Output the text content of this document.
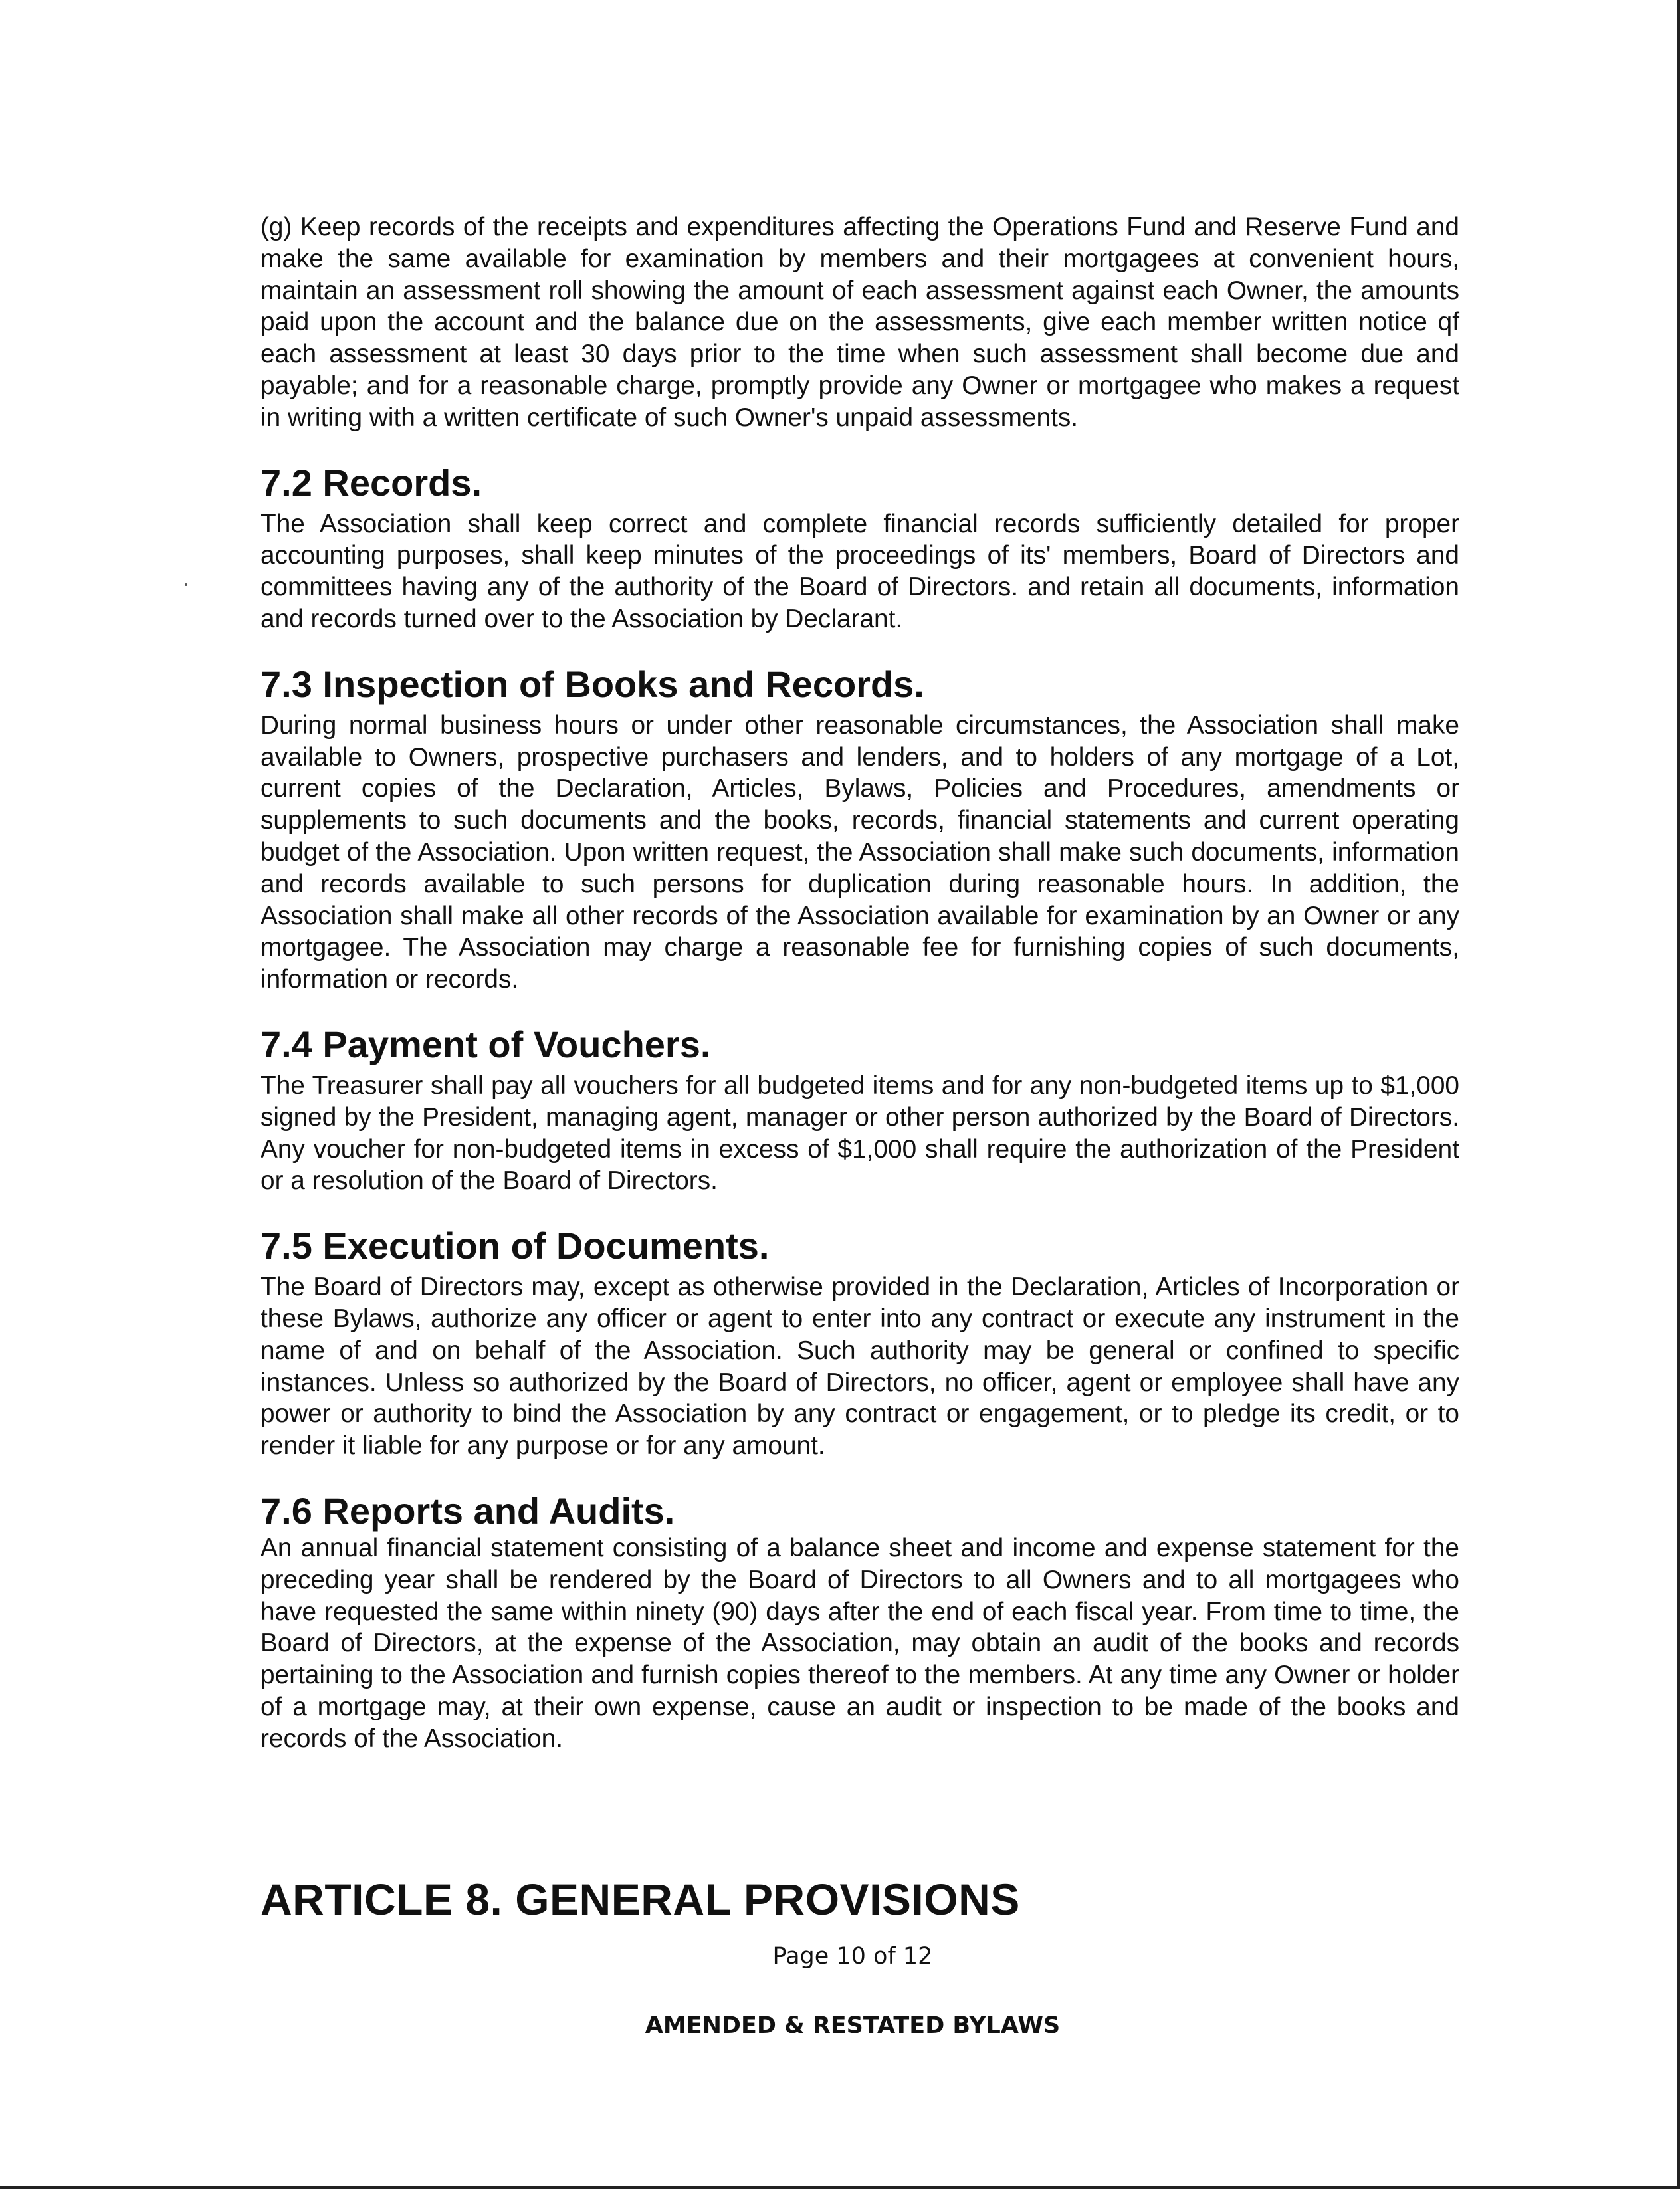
(g) Keep records of the receipts and expenditures affecting the Operations Fund and Reserve Fund and make the same available for examination by members and their mortgagees at convenient hours, maintain an assessment roll showing the amount of each assessment against each Owner, the amounts paid upon the account and the balance due on the assessments, give each member written notice qf each assessment at least 30 days prior to the time when such assessment shall become due and payable; and for a reasonable charge, promptly provide any Owner or mortgagee who makes a request in writing with a written certificate of such Owner's unpaid assessments.

7.2 Records.

The Association shall keep correct and complete financial records sufficiently detailed for proper accounting purposes, shall keep minutes of the proceedings of its' members, Board of Directors and committees having any of the authority of the Board of Directors. and retain all documents, information and records turned over to the Association by Declarant.

7.3 Inspection of Books and Records.

During normal business hours or under other reasonable circumstances, the Association shall make available to Owners, prospective purchasers and lenders, and to holders of any mortgage of a Lot, current copies of the Declaration, Articles, Bylaws, Policies and Procedures, amendments or supplements to such documents and the books, records, financial statements and current operating budget of the Association. Upon written request, the Association shall make such documents, information and records available to such persons for duplication during reasonable hours. In addition, the Association shall make all other records of the Association available for examination by an Owner or any mortgagee. The Association may charge a reasonable fee for furnishing copies of such documents, information or records.

7.4 Payment of Vouchers.

The Treasurer shall pay all vouchers for all budgeted items and for any non-budgeted items up to $1,000 signed by the President, managing agent, manager or other person authorized by the Board of Directors. Any voucher for non-budgeted items in excess of $1,000 shall require the authorization of the President or a resolution of the Board of Directors.

7.5 Execution of Documents.

The Board of Directors may, except as otherwise provided in the Declaration, Articles of Incorporation or these Bylaws, authorize any officer or agent to enter into any contract or execute any instrument in the name of and on behalf of the Association. Such authority may be general or confined to specific instances. Unless so authorized by the Board of Directors, no officer, agent or employee shall have any power or authority to bind the Association by any contract or engagement, or to pledge its credit, or to render it liable for any purpose or for any amount.

7.6 Reports and Audits.

An annual financial statement consisting of a balance sheet and income and expense statement for the preceding year shall be rendered by the Board of Directors to all Owners and to all mortgagees who have requested the same within ninety (90) days after the end of each fiscal year. From time to time, the Board of Directors, at the expense of the Association, may obtain an audit of the books and records pertaining to the Association and furnish copies thereof to the members. At any time any Owner or holder of a mortgage may, at their own expense, cause an audit or inspection to be made of the books and records of the Association.

ARTICLE 8. GENERAL PROVISIONS
Page 10 of 12
AMENDED & RESTATED BYLAWS
